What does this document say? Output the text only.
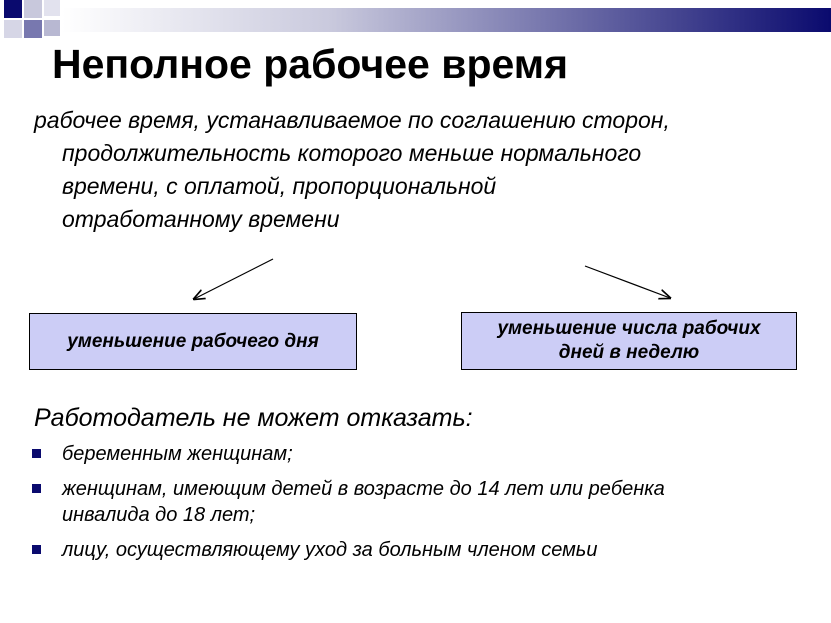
Неполное рабочее время
рабочее время, устанавливаемое по соглашению сторон,
продолжительность которого меньше нормального
времени, с оплатой, пропорциональной
отработанному времени
уменьшение рабочего дня
уменьшение числа рабочих
дней в неделю

Работодатель не может отказать:

беременным женщинам;
женщинам, имеющим детей в возрасте до 14 лет или ребенка
инвалида до 18 лет;
лицу, осуществляющему уход за больным членом семьи
